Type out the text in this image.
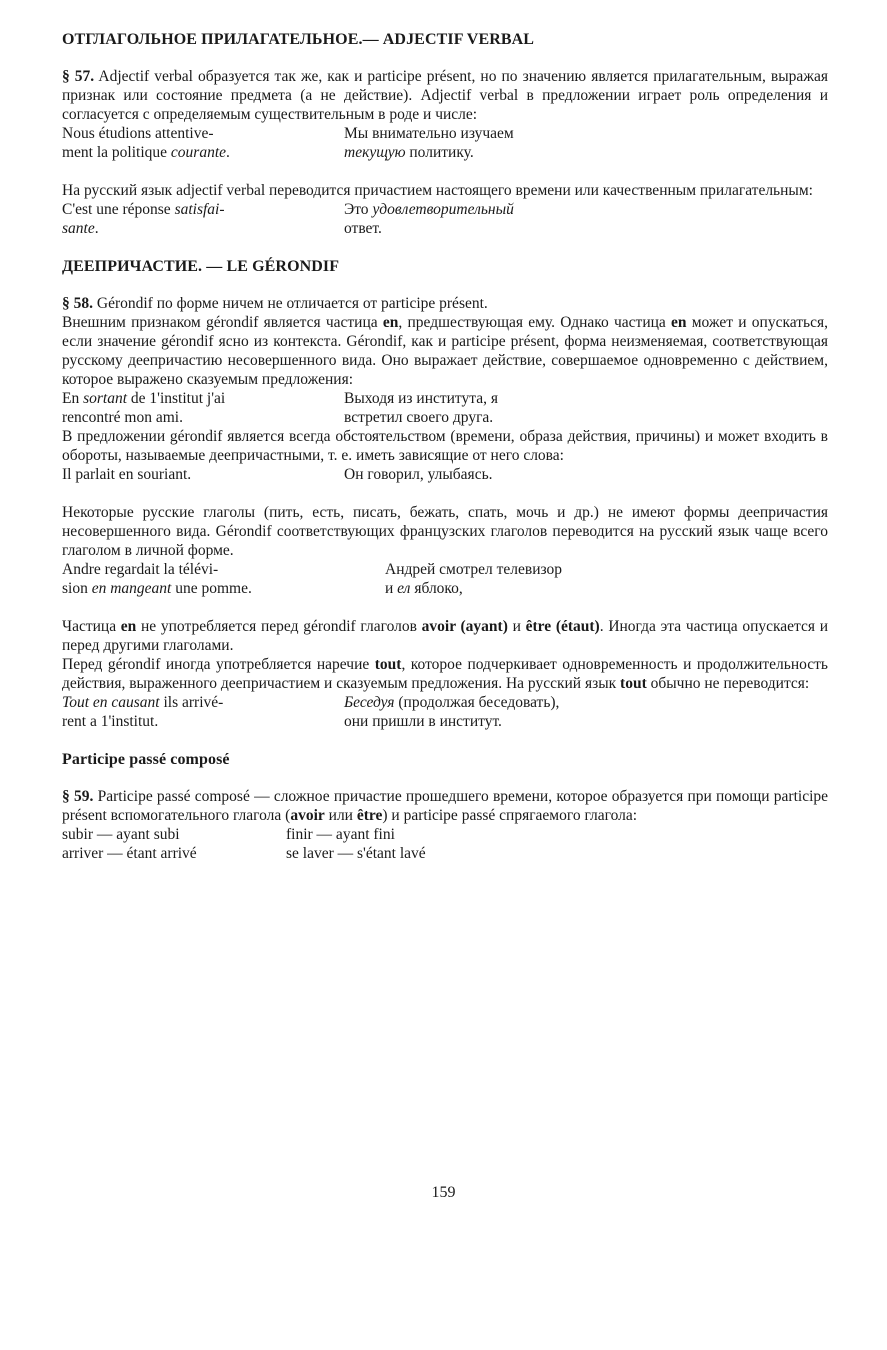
ОТГЛАГОЛЬНОЕ ПРИЛАГАТЕЛЬНОЕ.— ADJECTIF VERBAL

§ 57. Adjectif verbal образуется так же, как и participe présent, но по значению является прилагательным, выражая признак или состояние предмета (а не действие). Adjectif verbal в предложении играет роль определения и согласуется с определяемым существительным в роде и числе:

Nous étudions attentive-	Мы внимательно изучаем
ment la politique courante.	текущую политику.

На русский язык adjectif verbal переводится причастием настоящего времени или качественным прилагательным:

C'est une réponse satisfai-	Это удовлетворительный
sante.	ответ.
ДЕЕПРИЧАСТИЕ. — LE GÉRONDIF

§ 58. Gérondif по форме ничем не отличается от participe présent.

Внешним признаком gérondif является частица en, предшествующая ему. Однако частица en может и опускаться, если значение gérondif ясно из контекста. Gérondif, как и participe présent, форма неизменяемая, соответствующая русскому деепричастию несовершенного вида. Оно выражает действие, совершаемое одновременно с действием, которое выражено сказуемым предложения:

En sortant de 1'institut j'ai	Выходя из института, я
rencontré mon ami.	встретил своего друга.

В предложении gérondif является всегда обстоятельством (времени, образа действия, причины) и может входить в обороты, называемые деепричастными, т. е. иметь зависящие от него слова:

Il parlait en souriant.	Он говорил, улыбаясь.

Некоторые русские глаголы (пить, есть, писать, бежать, спать, мочь и др.) не имеют формы деепричастия несовершенного вида. Gérondif соответствующих французских глаголов переводится на русский язык чаще всего глаголом в личной форме.

Andre regardait la télévi-	Андрей смотрел телевизор
sion en mangeant une pomme.	и ел яблоко,

Частица en не употребляется перед gérondif глаголов avoir (ayant) и être (étaut). Иногда эта частица опускается и перед другими глаголами.

Перед gérondif иногда употребляется наречие tout, которое подчеркивает одновременность и продолжительность действия, выраженного деепричастием и сказуемым предложения. На русский язык tout обычно не переводится:

Tout en causant ils arrivé-	Беседуя (продолжая беседовать),
rent a 1'institut.	они пришли в институт.
Participe passé composé

§ 59. Participe passé composé — сложное причастие прошедшего времени, которое образуется при помощи participe présent вспомогательного глагола (avoir или être) и participe passé спрягаемого глагола:

subir — ayant subi	finir — ayant fini
arriver — étant arrivé	se laver — s'étant lavé
159
